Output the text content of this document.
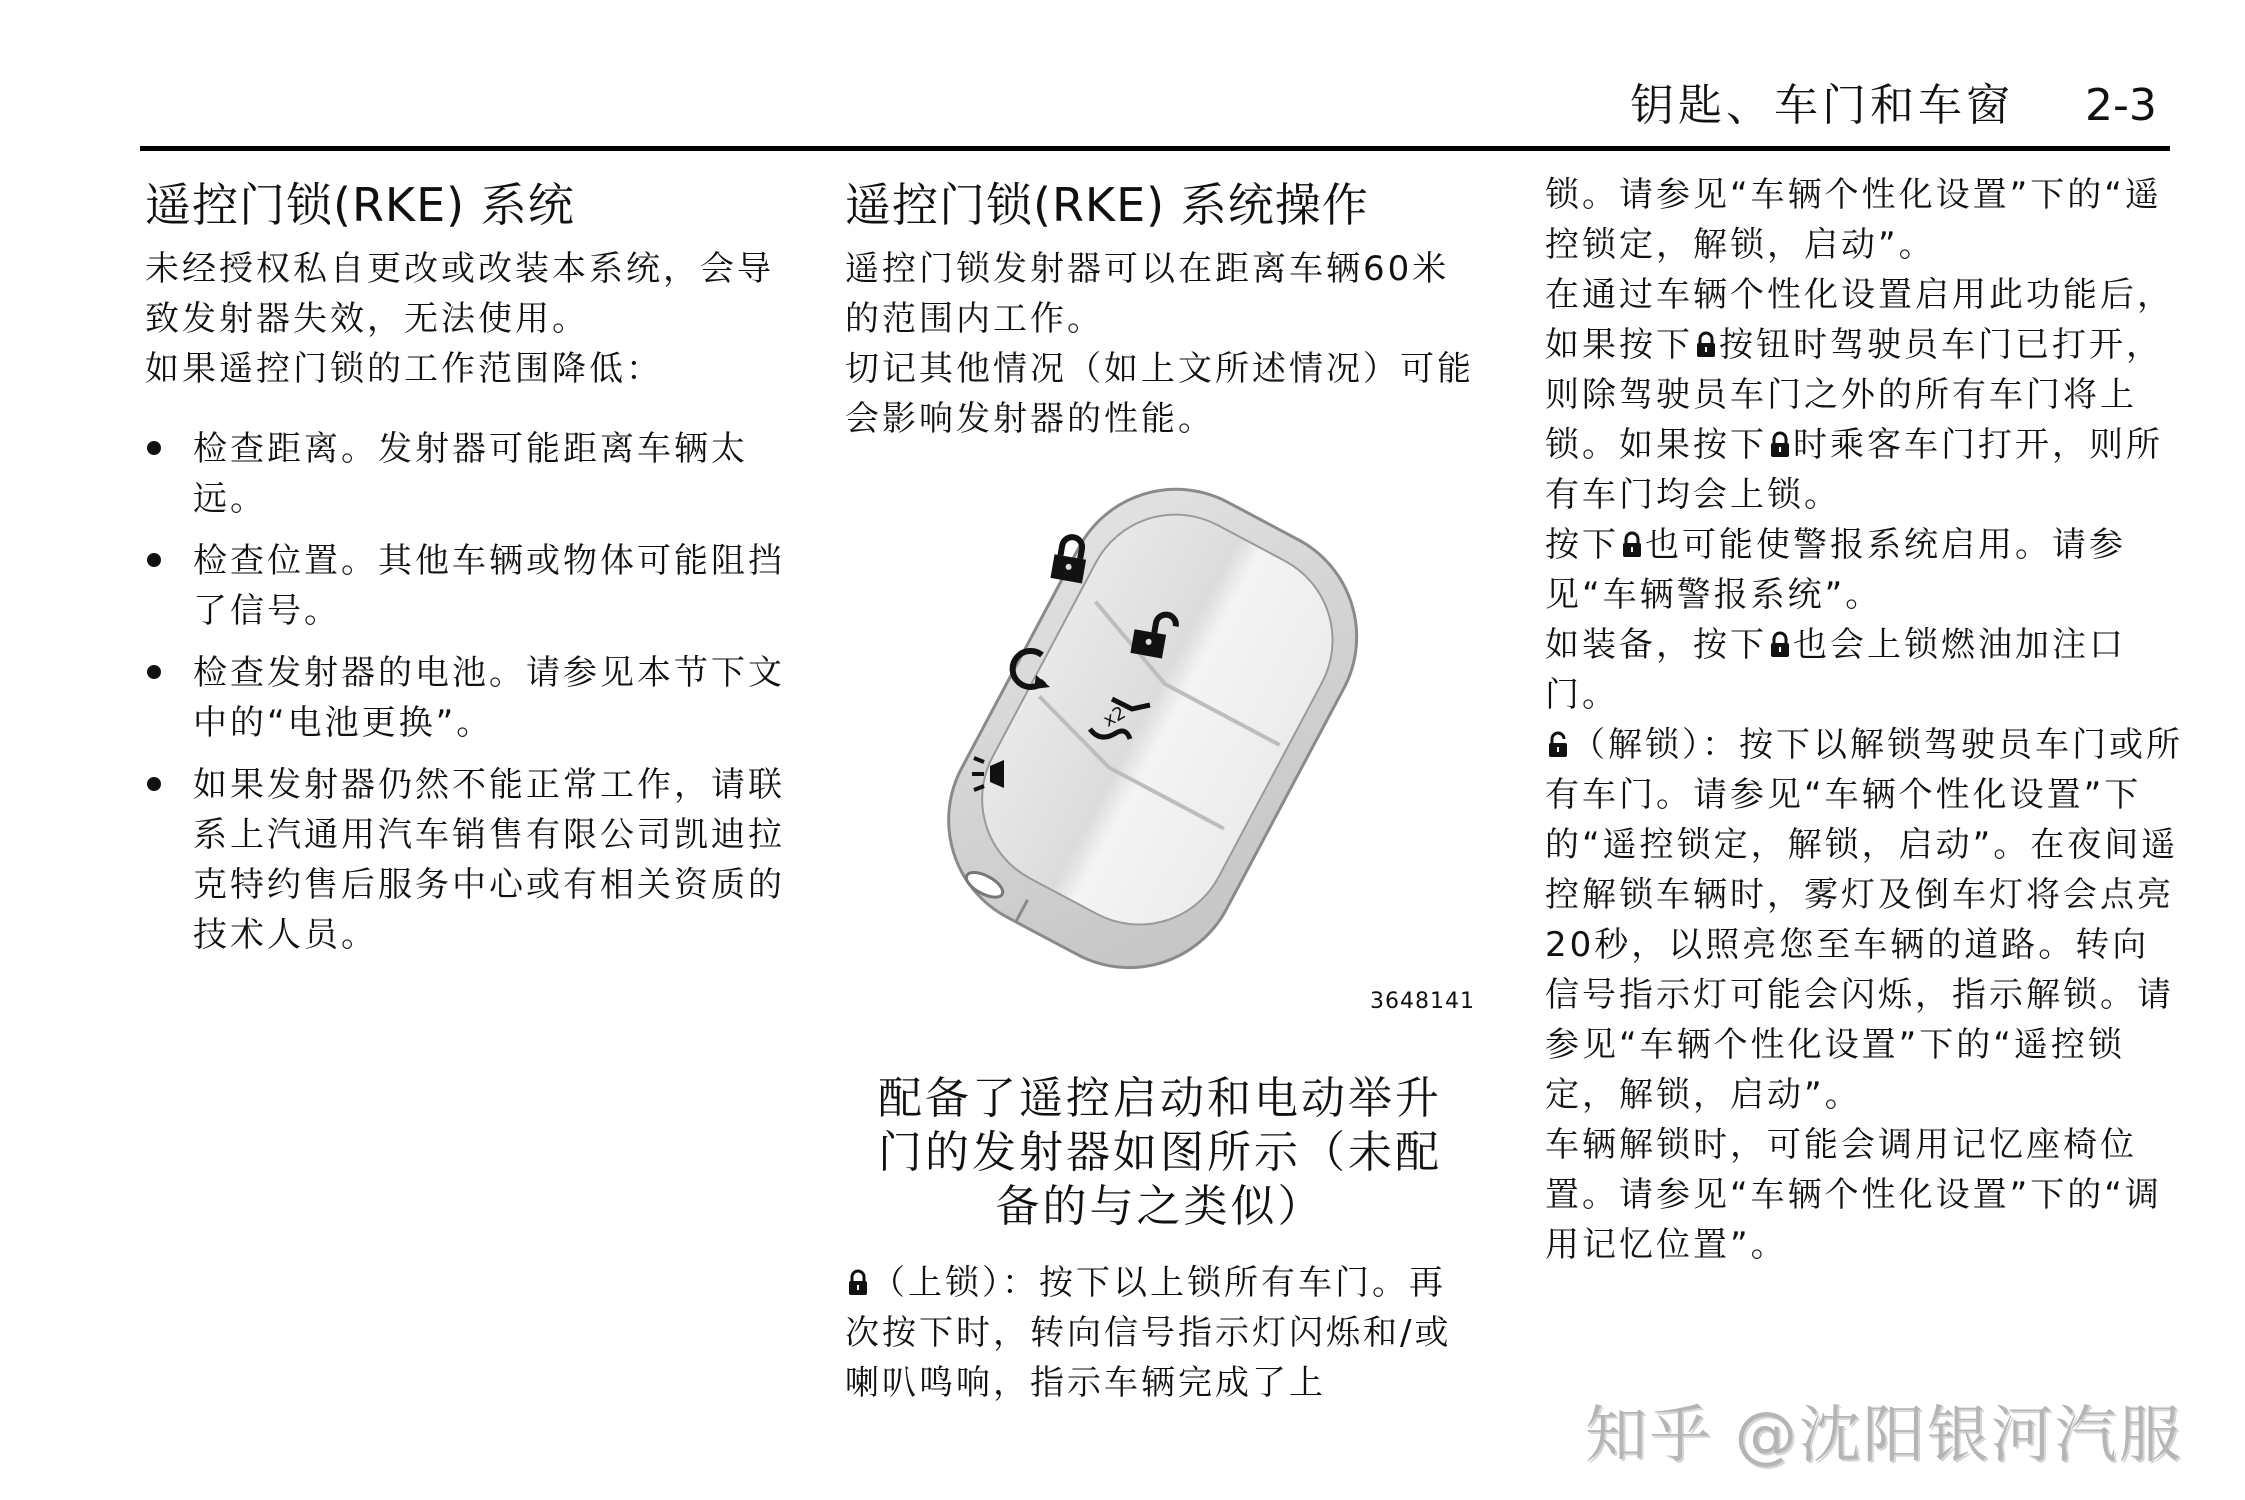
钥匙、车门和车窗 2-3
遥控门锁(RKE) 系统

未经授权私自更改或改装本系统，会导致发射器失效，无法使用。

如果遥控门锁的工作范围降低：

检查距离。发射器可能距离车辆太远。
检查位置。其他车辆或物体可能阻挡了信号。
检查发射器的电池。请参见本节下文中的“电池更换”。
如果发射器仍然不能正常工作，请联系上汽通用汽车销售有限公司凯迪拉克特约售后服务中心或有相关资质的技术人员。
遥控门锁(RKE) 系统操作

遥控门锁发射器可以在距离车辆60米的范围内工作。

切记其他情况（如上文所述情况）可能会影响发射器的性能。

x2
3648141
配备了遥控启动和电动举升门的发射器如图所示（未配备的与之类似）

（上锁）：按下以上锁所有车门。再次按下时，转向信号指示灯闪烁和/或喇叭鸣响，指示车辆完成了上

锁。请参见“车辆个性化设置”下的“遥控锁定，解锁，启动”。

在通过车辆个性化设置启用此功能后，如果按下 按钮时驾驶员车门已打开，则除驾驶员车门之外的所有车门将上锁。如果按下 时乘客车门打开，则所有车门均会上锁。

按下 也可能使警报系统启用。请参见“车辆警报系统”。

如装备，按下 也会上锁燃油加注口门。

（解锁）：按下以解锁驾驶员车门或所有车门。请参见“车辆个性化设置”下的“遥控锁定，解锁，启动”。在夜间遥控解锁车辆时，雾灯及倒车灯将会点亮20秒，以照亮您至车辆的道路。转向信号指示灯可能会闪烁，指示解锁。请参见“车辆个性化设置”下的“遥控锁定，解锁，启动”。

车辆解锁时，可能会调用记忆座椅位置。请参见“车辆个性化设置”下的“调用记忆位置”。

知乎 @沈阳银河汽服
